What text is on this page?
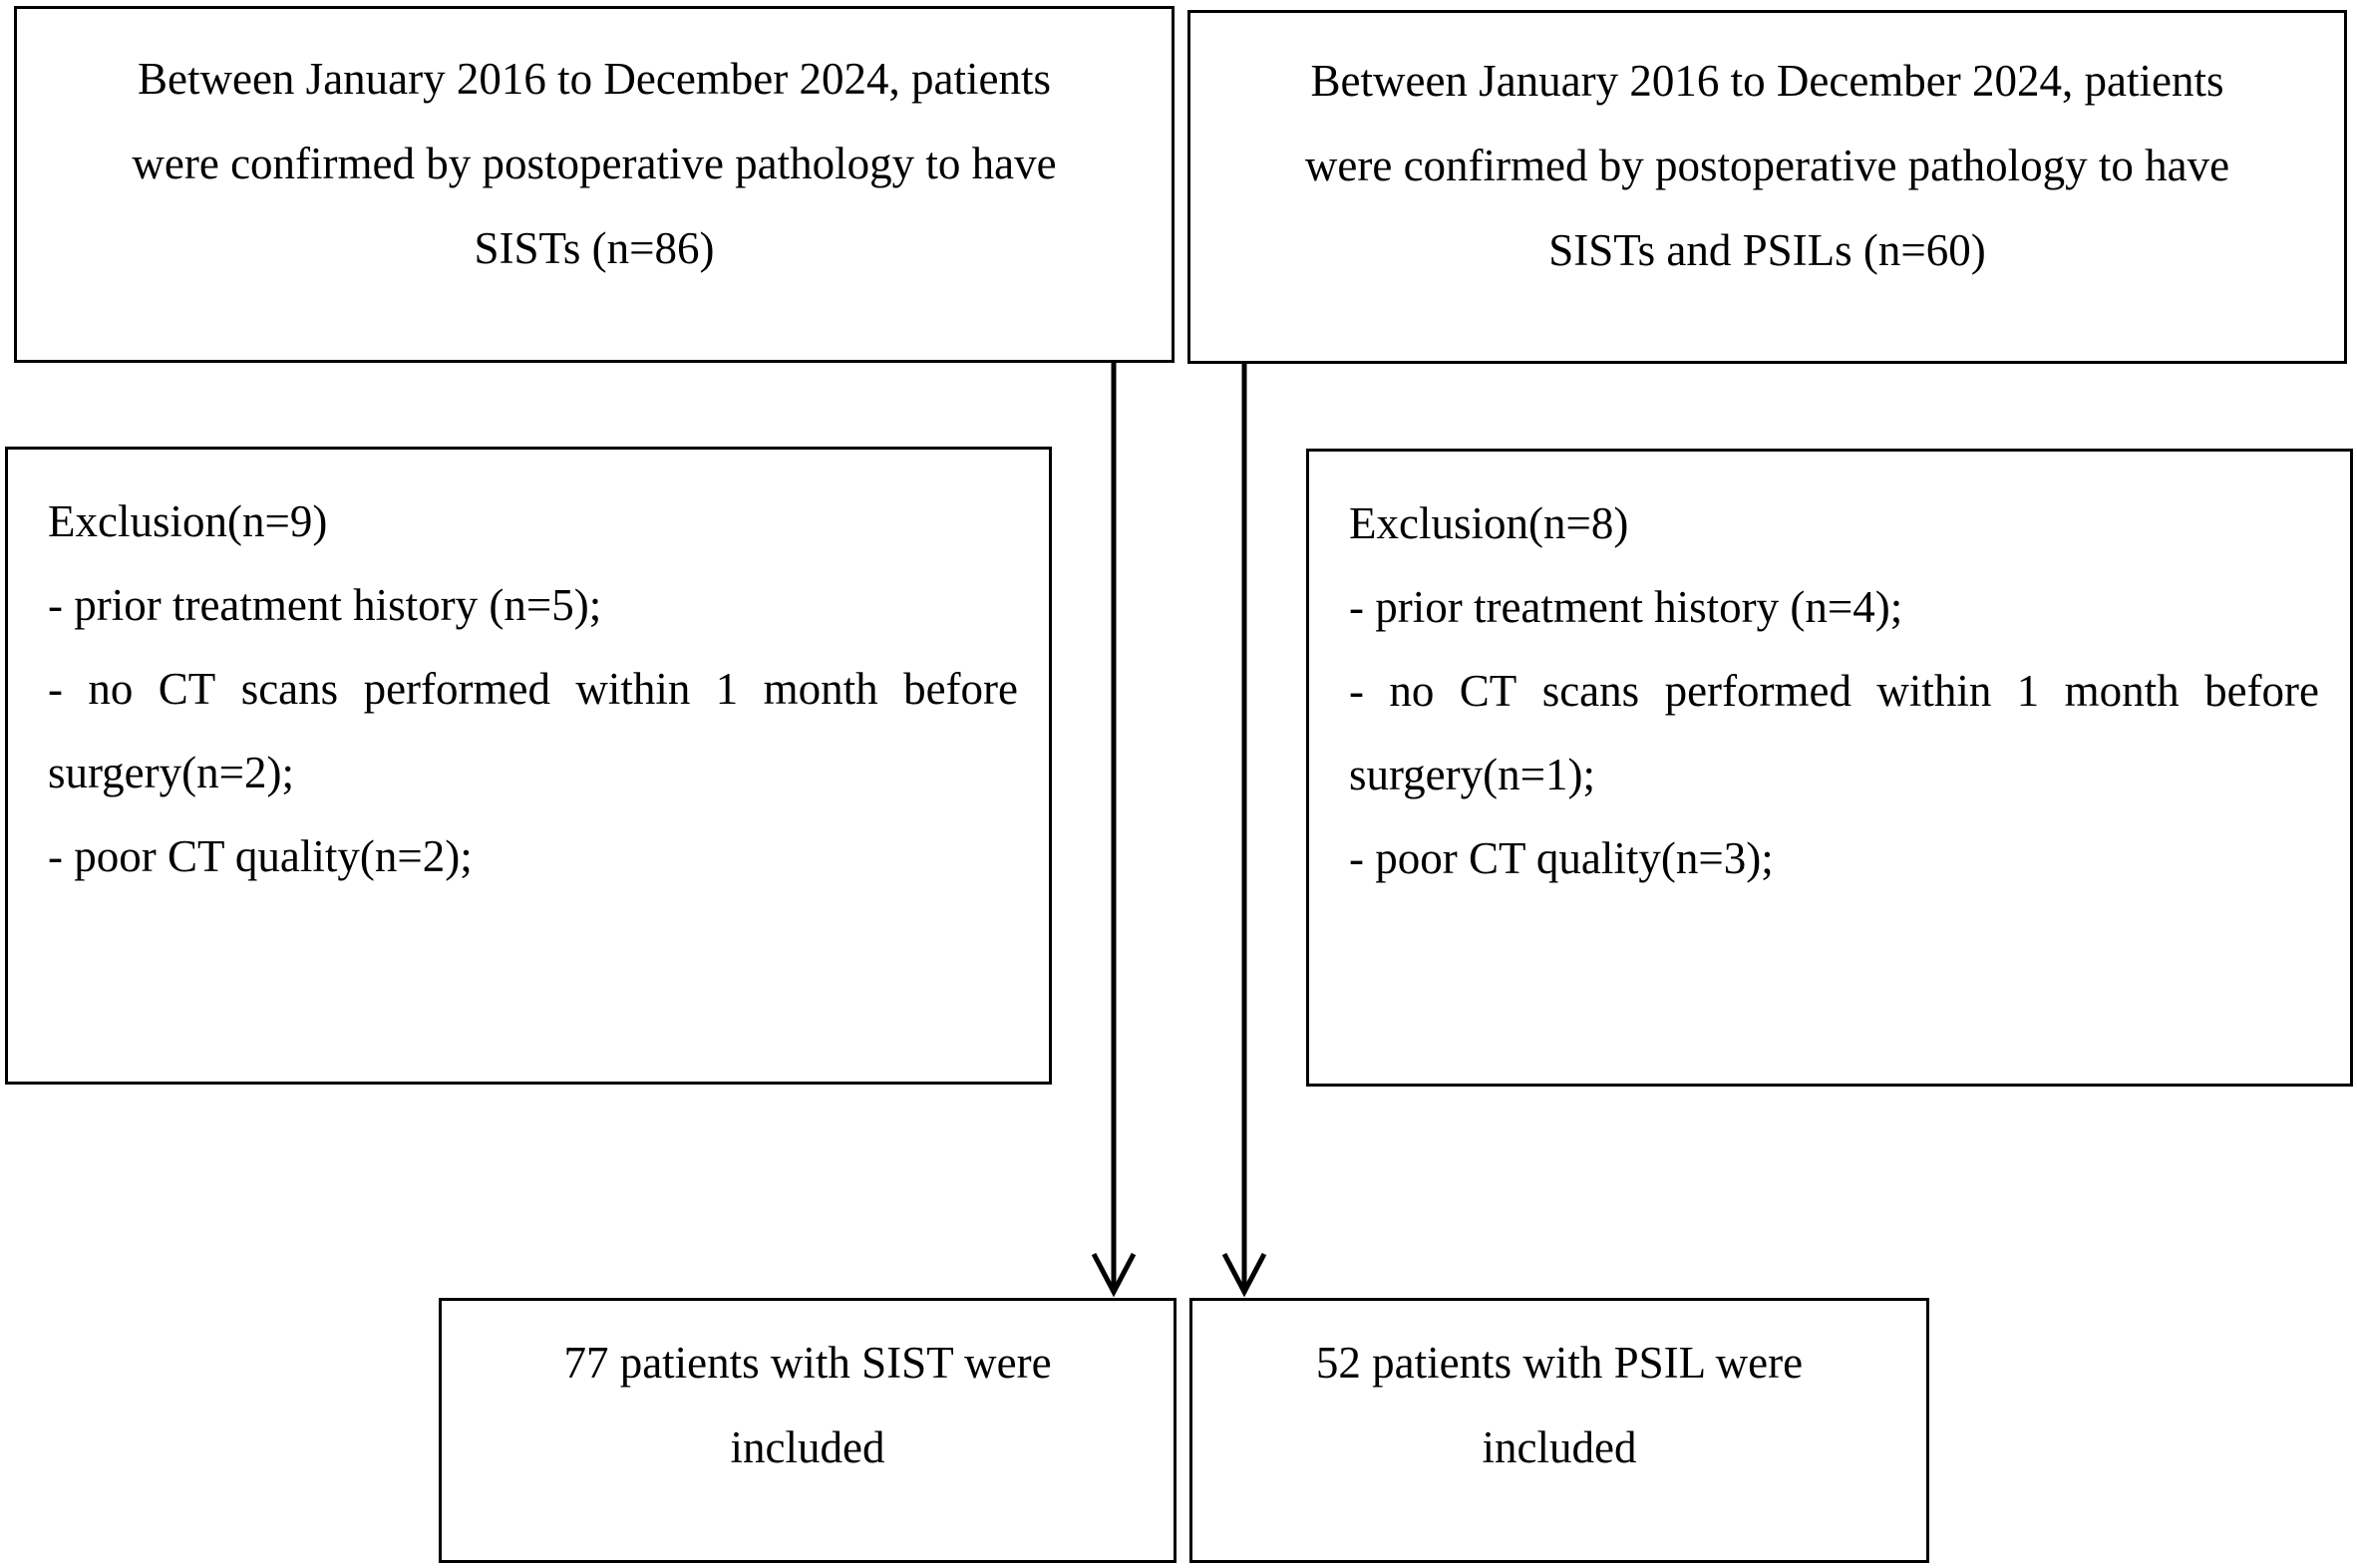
Between January 2016 to December 2024, patients
were confirmed by postoperative pathology to have
SISTs (n=86)
Between January 2016 to December 2024, patients
were confirmed by postoperative pathology to have
SISTs and PSILs (n=60)
Exclusion(n=9)
- prior treatment history (n=5);
- no CT scans performed within 1 month before
surgery(n=2);
- poor CT quality(n=2);
Exclusion(n=8)
- prior treatment history (n=4);
- no CT scans performed within 1 month before
surgery(n=1);
- poor CT quality(n=3);
77 patients with SIST were
included
52 patients with PSIL were
included
